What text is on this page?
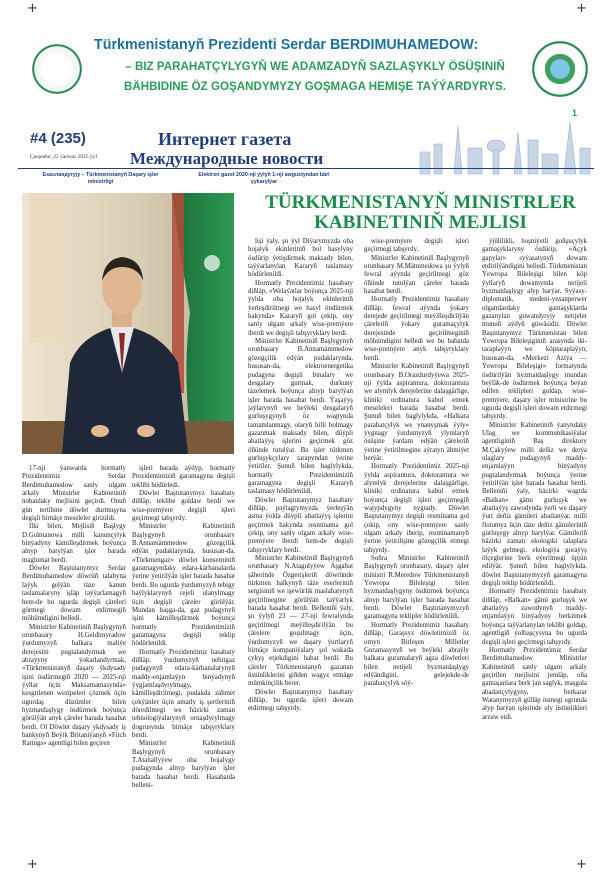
+	+
+	+
Türkmenistanyň Prezidenti Serdar BERDIMUHAMEDOW:
– BIZ PARAHATÇYLYGYŇ WE ADAMZADYŇ SAZLAŞYKLY ÖSÜŞINIŇ
BÄHBIDINE ÖZ GOŞANDYMYZY GOŞMAGA HEMIŞE TAÝÝARDYRYS.
#4 (235)
Çarşenbe, 22 ýanwar 2025 ýyl
Интернет газета
Международные новости
1
Esasландyryjy – Türkmenistanyň Daşary işler ministrligi
Elektron gazet 2020-nji ýylyň 1-nji awgustyndan bäri çykarylýar
TÜRKMENISTANYŇ MINISTRLER
KABINETINIŇ MEJLISI

17-nji ýanwarda hormatly Prezidentimiz Serdar Berdimuhamedow sanly ulgam arkaly Ministrler Kabinetiniň nobatdaky mejlisini geçirdi. Onuň gün tertibine döwlet durmuşyna degişli birnäçe meseleler girizildi.

Ilki bilen, Mejlisiň Başlygy D.Gulmanowa milli kanunçylyk binýadyny kämilleşdirmek boýunça alnyp barylýan işler barada maglumat berdi.

Döwlet Baştutanymyz Serdar Berdimuhamedow döwrüň talabyna laýyk gelýän täze kanun taslamalaryny işläp taýýarlamagyň hem-de bu ugurda degişli çäreleri görmegi dowam etdirmegiň möhümdigini belledi.

Ministrler Kabinetiniň Başlygynyň orunbasary H.Geldimyradow ýurdumyzyň halkara maliýe derejesini pugtalandyrmak we abraýyny ýokarlandyrmak, «Türkmenistanyň daşary ýkdysady işini ösdürmegiň 2020 — 2025-nji ýyllar üçin Maksatnamasynda» kesgitlenen wezipeleri çözmek üçin ugurdaş düzümler bilen hyzmatdaşlygy ösdürmek boýunça görülýän anyk çäreler barada hasabat berdi. Ol Döwlet daşary ykdysady iş bankynyň Beýik Britaniýanyň «Fitch Ratings» agentligi bilen geçiren

işleri barada aýdyp, hormatly Prezidentimiziň garamagyna degişli teklibi hödürledi.

Döwlet Baştutanymyz hasabaty diňläp, teklibe goldaw berdi we wise-premýere degişli işleri geçirmegi tabşyrdy.

Ministrler Kabinetiniň Başlygynyň orunbasary B.Annamämmedow gözegçilik edýän pudaklarynda, hususan-da, «Türkmengaz» döwlet konserniniň garamagyndaky edara-kärhanalarda ýerine ýetirilýän işler barada hasabat berdi. Bu ugurda ýurdumyzyň tebigy baýlyklarynyň rejeli ulanylmagy üçin degişli çäreler görülýär. Mundan başga-da, gaz pudagynyň işini kämilleşdirmek boýunça hormatly Prezidentimiziň garamagyna degişli teklip hödürlenildi.

Hormatly Prezidentimiz hasabaty diňläp, ýurdumyzyň nebitgaz pudagynyň edara-kärhanalarynyň maddy-enjamlaýyn binýadynyň ýygjamlaşdyrylmagy, kämilleşdirilmegi, pudakda zähmet çekýänler üçin amatly iş şertleriniň döredilmegi we häzirki zaman tehnologiýalarynyň ornaşdyrylmagy dogrusynda birnäçe tabşyryklary berdi.

Ministrler Kabinetiniň Başlygynyň orunbasary T.Atahallyýew oba hojalygy pudagynda alnyp barylýan işler barada hasabat berdi. Hasabatda belleni-

lişi ýaly, şu ýyl Diýarymyzda oba hojalyk ekinleriniň bol hasylyny ösdürip ýetişdirmek maksady bilen, taýýarlanylan Kararyň taslamasy hödürlenildi.

Hormatly Prezidentimiz hasabaty diňläp, «Welaýatlar boýunça 2025-nji ýylda oba hojalyk ekinleriniň ýerleşdirilmegi we hasyl öndürmek hakynda» Kararyň gol çekip, ony sanly ulgam arkaly wise-premýere iberdi we degişli tabşyryklary berdi.

Ministrler Kabinetiniň Başlygynyň orunbasary B.Annamämmedow gözegçilik edýän pudaklarynda, hususan-da, elektroenergetika pudagyna degişli binalary we desgalary gurmak, durkuny täzelemek boýunça alnyp barylýan işler barada hasabat berdi. Ýaşaýyş jaýlarynyň we beýleki desgalaryň gurluşygynyň öz wagtynda tamamlanmagy, olaryň hilli bolmagy gazanmak maksady bilen, düýpli abatlaýyş işlerini geçirmek göz öňünde tutulýar. Bu işler türkmen gurluşykçylary tarapyndan ýerine ýetiriler. Şunuň bilen baglylykda, hormatly Prezidentimiziň garamagyna degişli Kararyň taslamasy hödürlenildi.

Döwlet Baştutanymyz hasabaty diňläp, paýtagtymyzda ýerleşýän asma ýolda düýpli abatlaýyş işlerini geçirmek hakynda resminama gol çekip, ony sanly ulgam arkaly wise-premýere iberdi hem-de degişli tabşyryklary berdi.

Ministrler Kabinetiniň Başlygynyň orunbasary N.Atagulyýew Aşgabat şäherinde Özgerişleriň döwründe türkmen halkynyň täze eserleriniň sergisiniň we işewürlik maslahatynyň geçirilmegine görülýän taýýarlyk barada hasabat berdi. Belleniňi ýaly, şu ýylyň 23 — 27-nji fewralynda geçirilmegi meýilleşdirilýän bu çärelere goşulmagy üçin, ýurdumyzyň we daşary ýurtlaryň birnäçe kompaniýalary şol wakada çykyş etjekdigini habar berdi. Bu çäreler Türkmenistanyň gazanan üstünliklerini giňden wagyz etmäge mümkinçilik berer.

Döwlet Baştutanymyz hasabaty diňläp, bu ugurda işleri dowam etdirmegi tabşyrdy.

wise-premýere degişli işleri geçirmegi tabşyrdy.

Ministrler Kabinetiniň Başlygynyň orunbasary M.Mämmedowa şu ýylyň fewral aýynda geçirilmegi göz öňünde tutulýan çäreler barada hasabat berdi.

Hormatly Prezidentimiz hasabaty diňläp, fewral aýynda ýokary derejede geçirilmegi meýilleşdirilýän çäreleriň ýokary guramaçylyk derejesinde geçirilmeginiň möhümdigini belledi we bu babatda wise-premýere anyk tabşyryklary berdi.

Ministrler Kabinetiniň Başlygynyň orunbasary B.Orazdurdyýewa 2025-nji ýylda aspirantura, doktorantura we alymlyk derejelerine dalaşgärlige, kliniki ordinatura kabul etmek meseleleri barada hasabat berdi. Şunuň bilen baglylykda, «Halkara parahatçylyk we ynanyşmak ýyly» ýygnagy ýurdumyzyň ylymlaryň ösüşine ýardam edýän çäreleriň ýerine ýetirilmegine aýratyn ähmiýet berýär.

Hormatly Prezidentimiz 2025-nji ýylda aspirantura, doktorantura we alymlyk derejelerine dalaşgärlige, kliniki ordinatura kabul etmek boýunça degişli işleri geçirmegiň wajypdygyny nygtady. Döwlet Baştutanymyz degişli resminama gol çekip, ony wise-premýere sanly ulgam arkaly iberip, resminamanyň ýerine ýetirilişine gözegçilik etmegi tabşyrdy.

Soňra Ministrler Kabinetiniň Başlygynyň orunbasary, daşary işler ministri R.Meredow Türkmenistanyň Ýewropa Bileleşigi bilen hyzmatdaşlygyny ösdürmek boýunça alnyp barylýan işler barada hasabat berdi. Döwlet Baştutanymyzyň garamagyna teklipler hödürlenildi.

Hormatly Prezidentimiz hasabaty diňläp, Garaşsyz döwletimiziň öz ornyn Birleşen Milletler Guramasynyň we beýleki abraýly halkara guramalaryň agza döwletleri bilen netijeli hyzmatdaşlygy edýändigini, gelejekde-de parahatçylyk söý-

ýjülilikli, hoşniýetli goňşuçylyk gatnaşyklaryny ösdürip, «Açyk gapylar» syýasatynyň dowam etdirilýändigini belledi. Türkmenistan Ýewropa Bileleşigi bilen köp ýyllaryň dowamynda netijeli hyzmatdaşlygy alyp barýar. Syýasy-diplomatik, medeni-ynsanperwer ulgamlardaky gatnaşyklarda gazanylan guwandyryjy netijeler munuň aýdyň güwäsidir. Döwlet Baştutanymyz Türkmenistan bilen Ýewropa Bileleşiginiň arasynda iki-taraplaýyn we köptaraplaýyn, hususan-da, «Merkezi Aziýa — Ýewropa Bileleşigi» formatynda ösdürilýän hyzmatdaşlygy mundan beýläk-de ösdürmek boýunça beýan edilen teklipleri goldap, wise-premýere, daşary işler ministrine bu ugurda degişli işleri dowam etdirmegi tabşyrdy.

Ministrler Kabinetiniň ýanyndaky Ulag we kommunikasiýalar agentliginiň Baş direktory M.Çakyýew milli deňiz we derýa ulaglary pudagynyň maddy-enjamlaýyn binýadyny pugtalandyrmak boýunça ýerine ýetirilýän işler barada hasabat berdi. Belleniňi ýaly, häzirki wagtda «Balkan» gämi gurluşyk we abatlaýyş zawodynda ýerli we daşary ýurt deňiz gämileri abatlanýar, milli flotumyz üçin täze deňiz gämileriniň gurluşygy alnyp barylýar. Gämileriň häzirki zaman ekologiki talaplara laýyk gelmegi, ekologiýa goraýyş ölçeglerine berk eýerilmegi üpjün edilýär. Şunuň bilen baglylykda, döwlet Baştutanymyzyň garamagyna degişli teklip hödürlenildi.

Hormatly Prezidentimiz hasabaty diňläp, «Balkan» gämi gurluşyk we abatlaýyş zawodynyň maddy-enjamlaýyn binýadyny berkitmek boýunça taýýarlanylan teklibi goldap, agentligiň ýolbaşçysyna bu ugurda degişli işleri geçirmegi tabşyrdy.

Hormatly Prezidentimiz Serdar Berdimuhamedow Ministrler Kabinetiniň sanly ulgam arkaly geçirilen mejlisini jemläp, oňa gatnaşanlara berk jan saglyk, maşgala abadançylygyny, berkarar Watanymyzyň gülläp ösmegi ugrunda alyp barýan işlerinde uly üstünlikleri arzuw etdi.
